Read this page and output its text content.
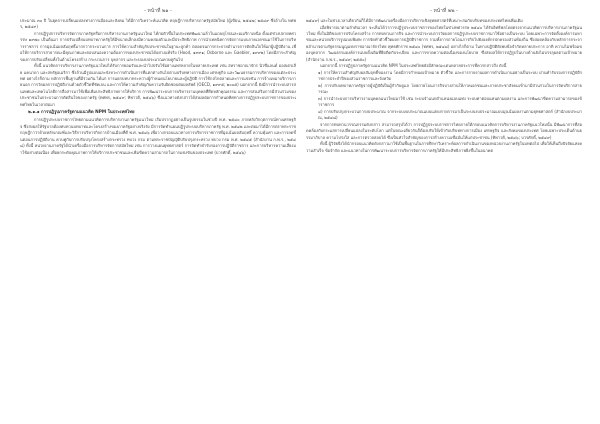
- หน้าที่ ๒๑ -

ประมาณ ๓๐ ปี ในยุคการเปลี่ยนแปลงทางการเมืองและสังคม ได้มีการวิเคราะห์แนวคิด ทฤษฎีการบริหารภาครัฐสมัยใหม่ (ผู้เขียน, ๒๕๔๗; ๒๕๔๙ ซึ่งอ้างใน ทศพร, ๒๕๔๙)

การปฏิรูปการบริหารจัดการภาครัฐหรือการบริหารงานภาครัฐแนวใหม่ ได้ก่อตัวขึ้นในประเทศพัฒนาแล้วในแถบยุโรปและอเมริกาเหนือ ตั้งแต่ช่วงปลายทศวรรษ ๑๙๗๐ เป็นต้นมา การปรับเปลี่ยนบทบาทภาครัฐให้มีขนาดเล็กลงมีความคล่องตัวและมีประสิทธิภาพ การนำเทคนิคการจัดการแบบภาคเอกชนมาใช้ในการบริหารราชการ การมุ่งเน้นผลสัมฤทธิ์มากกว่ากระบวนการ การให้ความสำคัญกับประชาชนในฐานะลูกค้า ตลอดจนการกระจายอำนาจการตัดสินใจให้แก่ผู้ปฏิบัติงาน เพื่อให้การบริการสาธารณะมีคุณภาพและตอบสนองความต้องการของประชาชนได้อย่างแท้จริง (Hood, ๑๙๙๑; Osborne และ Gaebler, ๑๙๙๒) โดยมีสาระสำคัญของการปรับเปลี่ยนทั้งในด้านโครงสร้าง กระบวนการ บุคลากร และระบบงบประมาณควบคู่กันไป

ทั้งนี้ แนวคิดการบริหารงานภาครัฐแนวใหม่ได้รับการยอมรับและนำไปปรับใช้อย่างแพร่หลายในหลายประเทศ เช่น สหราชอาณาจักร นิวซีแลนด์ ออสเตรเลีย แคนาดา และสหรัฐอเมริกา ซึ่งล้วนมีรูปแบบและจังหวะการดำเนินการที่แตกต่างกันไปตามบริบททางการเมือง เศรษฐกิจ และวัฒนธรรมการบริหารของแต่ละประเทศ อย่างไรก็ตาม หลักการพื้นฐานที่มีร่วมกัน ได้แก่ การแยกบทบาทระหว่างผู้กำหนดนโยบายและผู้ปฏิบัติ การใช้กลไกตลาดและการแข่งขัน การจ้างเหมาบริการภายนอก การวัดผลการปฏิบัติงานด้วยตัวชี้วัดที่ชัดเจน และการให้ความสำคัญกับความรับผิดชอบต่อผลลัพธ์ (OECD, ๑๙๙๕; ๒๐๐๕) นอกจากนี้ ยังมีการนำระบบสารสนเทศและเทคโนโลยีการสื่อสารมาใช้เพื่อเพิ่มประสิทธิภาพการให้บริการ การพัฒนาระบบการบริหารงานบุคคลที่ยึดหลักคุณธรรม และการส่งเสริมการมีส่วนร่วมของประชาชนในกระบวนการตัดสินใจของภาครัฐ (ทศพร, ๒๕๔๙; ทิพาวดี, ๒๕๔๖) ซึ่งแนวทางดังกล่าวได้ส่งผลต่อการกำหนดทิศทางการปฏิรูประบบราชการของประเทศไทยในเวลาต่อมา

๒.๑.๑ การปฏิรูปภาครัฐตามแนวคิด NPM ในประเทศไทย

การปฏิรูประบบราชการไทยตามแนวคิดการบริหารงานภาครัฐแนวใหม่ เริ่มปรากฏอย่างเป็นรูปธรรมในช่วงปี พ.ศ. ๒๕๔๐ ภายหลังวิกฤตการณ์ทางเศรษฐกิจ ซึ่งส่งผลให้รัฐบาลต้องทบทวนบทบาทและโครงสร้างของภาครัฐอย่างจริงจัง มีการจัดทำแผนปฏิรูประบบบริหารภาครัฐ พ.ศ. ๒๕๔๒ และต่อมาได้มีการตราพระราชกฤษฎีกาว่าด้วยหลักเกณฑ์และวิธีการบริหารกิจการบ้านเมืองที่ดี พ.ศ. ๒๕๔๖ เพื่อวางกรอบแนวทางการบริหารราชการที่มุ่งเน้นผลสัมฤทธิ์ ความคุ้มค่า และการลดขั้นตอนการปฏิบัติงาน ควบคู่กับการปรับปรุงโครงสร้างกระทรวง ทบวง กรม ตามพระราชบัญญัติปรับปรุงกระทรวง ทบวง กรม พ.ศ. ๒๕๔๕ (สำนักงาน ก.พ.ร., ๒๕๔๘) ทั้งนี้ หน่วยงานภาครัฐได้นำเครื่องมือการบริหารจัดการสมัยใหม่ เช่น การวางแผนยุทธศาสตร์ การจัดทำคำรับรองการปฏิบัติราชการ และการบริหารความเสี่ยงมาใช้อย่างต่อเนื่อง เพื่อยกระดับคุณภาพการให้บริการประชาชนและเพิ่มขีดความสามารถในการแข่งขันของประเทศ (บวรศักดิ์, ๒๕๔๖)

- หน้าที่ ๒๒ -

๒๕๔๙) และในช่วงเวลาเดียวกันก็ได้มีการพัฒนาเครื่องมือการบริหารเชิงยุทธศาสตร์ที่เหมาะสมกับบริบทของประเทศไทยเพิ่มเติม

เมื่อพิจารณาตามลำดับเวลา จะเห็นได้ว่าการปฏิรูประบบราชการของไทยในช่วงทศวรรษ ๒๕๔๐ ได้รับอิทธิพลโดยตรงจากแนวคิดการบริหารงานภาครัฐแนวใหม่ ทั้งในมิติของการปรับโครงสร้าง การทบทวนภารกิจ และการนำระบบการวัดผลการปฏิรูประบบราชการมาใช้อย่างเป็นระบบ โดยเฉพาะการจัดตั้งองค์การมหาชนและหน่วยบริการรูปแบบพิเศษ การจัดทำตัวชี้วัดผลการปฏิบัติราชการ รวมทั้งการถ่ายโอนภารกิจไปยังองค์กรปกครองส่วนท้องถิ่น ซึ่งสอดคล้องกับหลักการกระจายอำนาจตามรัฐธรรมนูญแห่งราชอาณาจักรไทย พุทธศักราช ๒๕๔๐ (ทศพร, ๒๕๔๘) อย่างไรก็ตาม ในทางปฏิบัติยังพบข้อจำกัดหลายประการ อาทิ ความไม่พร้อมของบุคลากร วัฒนธรรมองค์การแบบดั้งเดิมที่ยึดติดกับระเบียบ และการขาดความต่อเนื่องของนโยบาย ซึ่งส่งผลให้การปฏิรูปในบางด้านยังไม่บรรลุผลตามเป้าหมาย (สำนักงาน ก.พ.ร., ๒๕๔๙; ๒๕๕๐)

นอกจากนี้ การปฏิรูปภาครัฐตามแนวคิด NPM ในประเทศไทยยังมีลักษณะเด่นหลายประการที่ควรกล่าวถึง ดังนี้

๑) การให้ความสำคัญกับผลสัมฤทธิ์ของงาน โดยมีการกำหนดเป้าหมาย ตัวชี้วัด และการรายงานผลการดำเนินงานอย่างเป็นระบบ ผ่านคำรับรองการปฏิบัติราชการประจำปีของส่วนราชการและจังหวัด

๒) การปรับบทบาทภาครัฐจากผู้ปฏิบัติเป็นผู้กำกับดูแล โดยถ่ายโอนภารกิจบางส่วนให้ภาคเอกชนและภาคประชาสังคมเข้ามามีส่วนร่วมในการจัดบริการสาธารณะ

๓) การนำระบบการบริหารงานบุคคลแนวใหม่มาใช้ เช่น ระบบจำแนกตำแหน่งแบบแท่ง ระบบค่าตอบแทนตามผลงาน และการพัฒนาขีดความสามารถของข้าราชการ

๔) การปรับปรุงกระบวนการงบประมาณ จากระบบงบประมาณแบบแสดงรายการมาเป็นระบบงบประมาณแบบมุ่งเน้นผลงานตามยุทธศาสตร์ (สำนักงบประมาณ, ๒๕๔๘)

จากการทบทวนวรรณกรรมดังกล่าว สามารถสรุปได้ว่า การปฏิรูประบบราชการไทยภายใต้กรอบแนวคิดการบริหารงานภาครัฐแนวใหม่นั้น มีพัฒนาการที่สอดคล้องกับกระแสการเปลี่ยนแปลงในระดับโลก แต่ในขณะเดียวกันก็ต้องปรับให้เข้ากับบริบททางการเมือง เศรษฐกิจ และสังคมของประเทศ โดยเฉพาะประเด็นด้านธรรมาภิบาล ความโปร่งใส และการตรวจสอบได้ ซึ่งเป็นหัวใจสำคัญของการสร้างความเชื่อมั่นให้แก่ประชาชน (ทิพาวดี, ๒๕๔๖; บวรศักดิ์, ๒๕๔๙)

ทั้งนี้ ผู้วิจัยจึงได้นำกรอบแนวคิดดังกล่าวมาใช้เป็นพื้นฐานในการศึกษาวิเคราะห์ผลการดำเนินงานของหน่วยงานภาครัฐในบทต่อไป เพื่อให้เห็นถึงปัจจัยแห่งความสำเร็จ ข้อจำกัด และแนวทางในการพัฒนาระบบการบริหารจัดการภาครัฐให้มีประสิทธิภาพยิ่งขึ้นในอนาคต
